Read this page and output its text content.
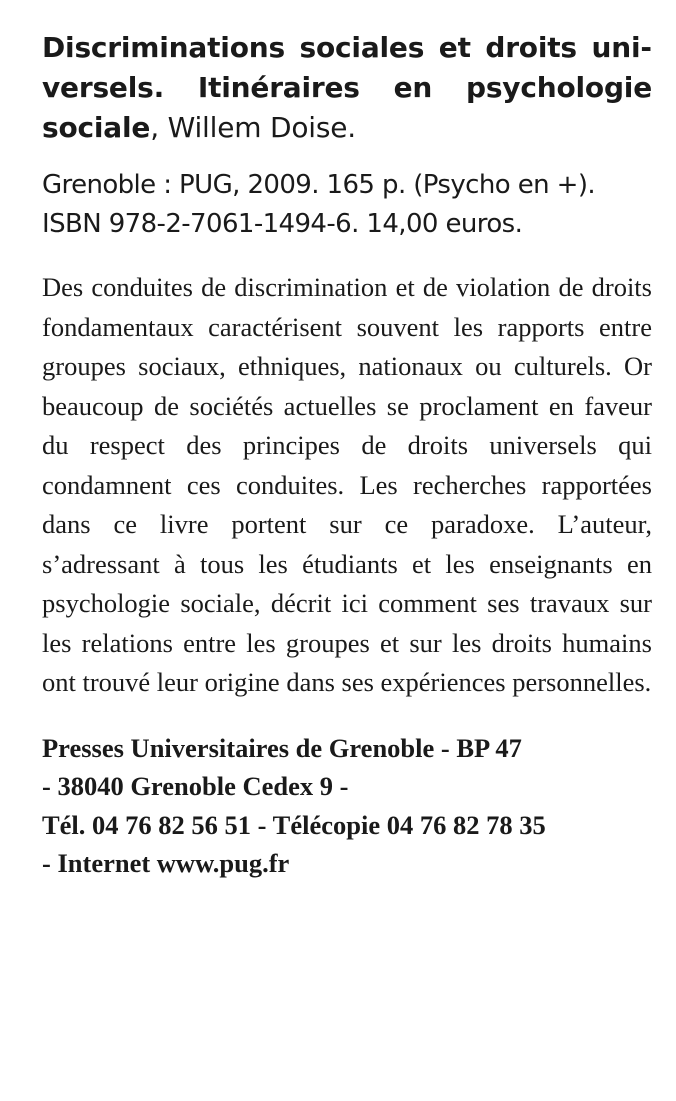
Discriminations sociales et droits universels. Itinéraires en psychologie sociale, Willem Doise.
Grenoble : PUG, 2009. 165 p. (Psycho en +).
ISBN 978-2-7061-1494-6. 14,00 euros.
Des conduites de discrimination et de violation de droits fondamentaux caractérisent souvent les rapports entre groupes sociaux, ethniques, nationaux ou culturels. Or beaucoup de sociétés actuelles se proclament en faveur du respect des principes de droits universels qui condamnent ces conduites. Les recherches rapportées dans ce livre portent sur ce paradoxe. L’auteur, s’adressant à tous les étudiants et les enseignants en psychologie sociale, décrit ici comment ses travaux sur les relations entre les groupes et sur les droits humains ont trouvé leur origine dans ses expériences personnelles.
Presses Universitaires de Grenoble - BP 47
- 38040 Grenoble Cedex 9 -
Tél. 04 76 82 56 51 - Télécopie 04 76 82 78 35
- Internet www.pug.fr
